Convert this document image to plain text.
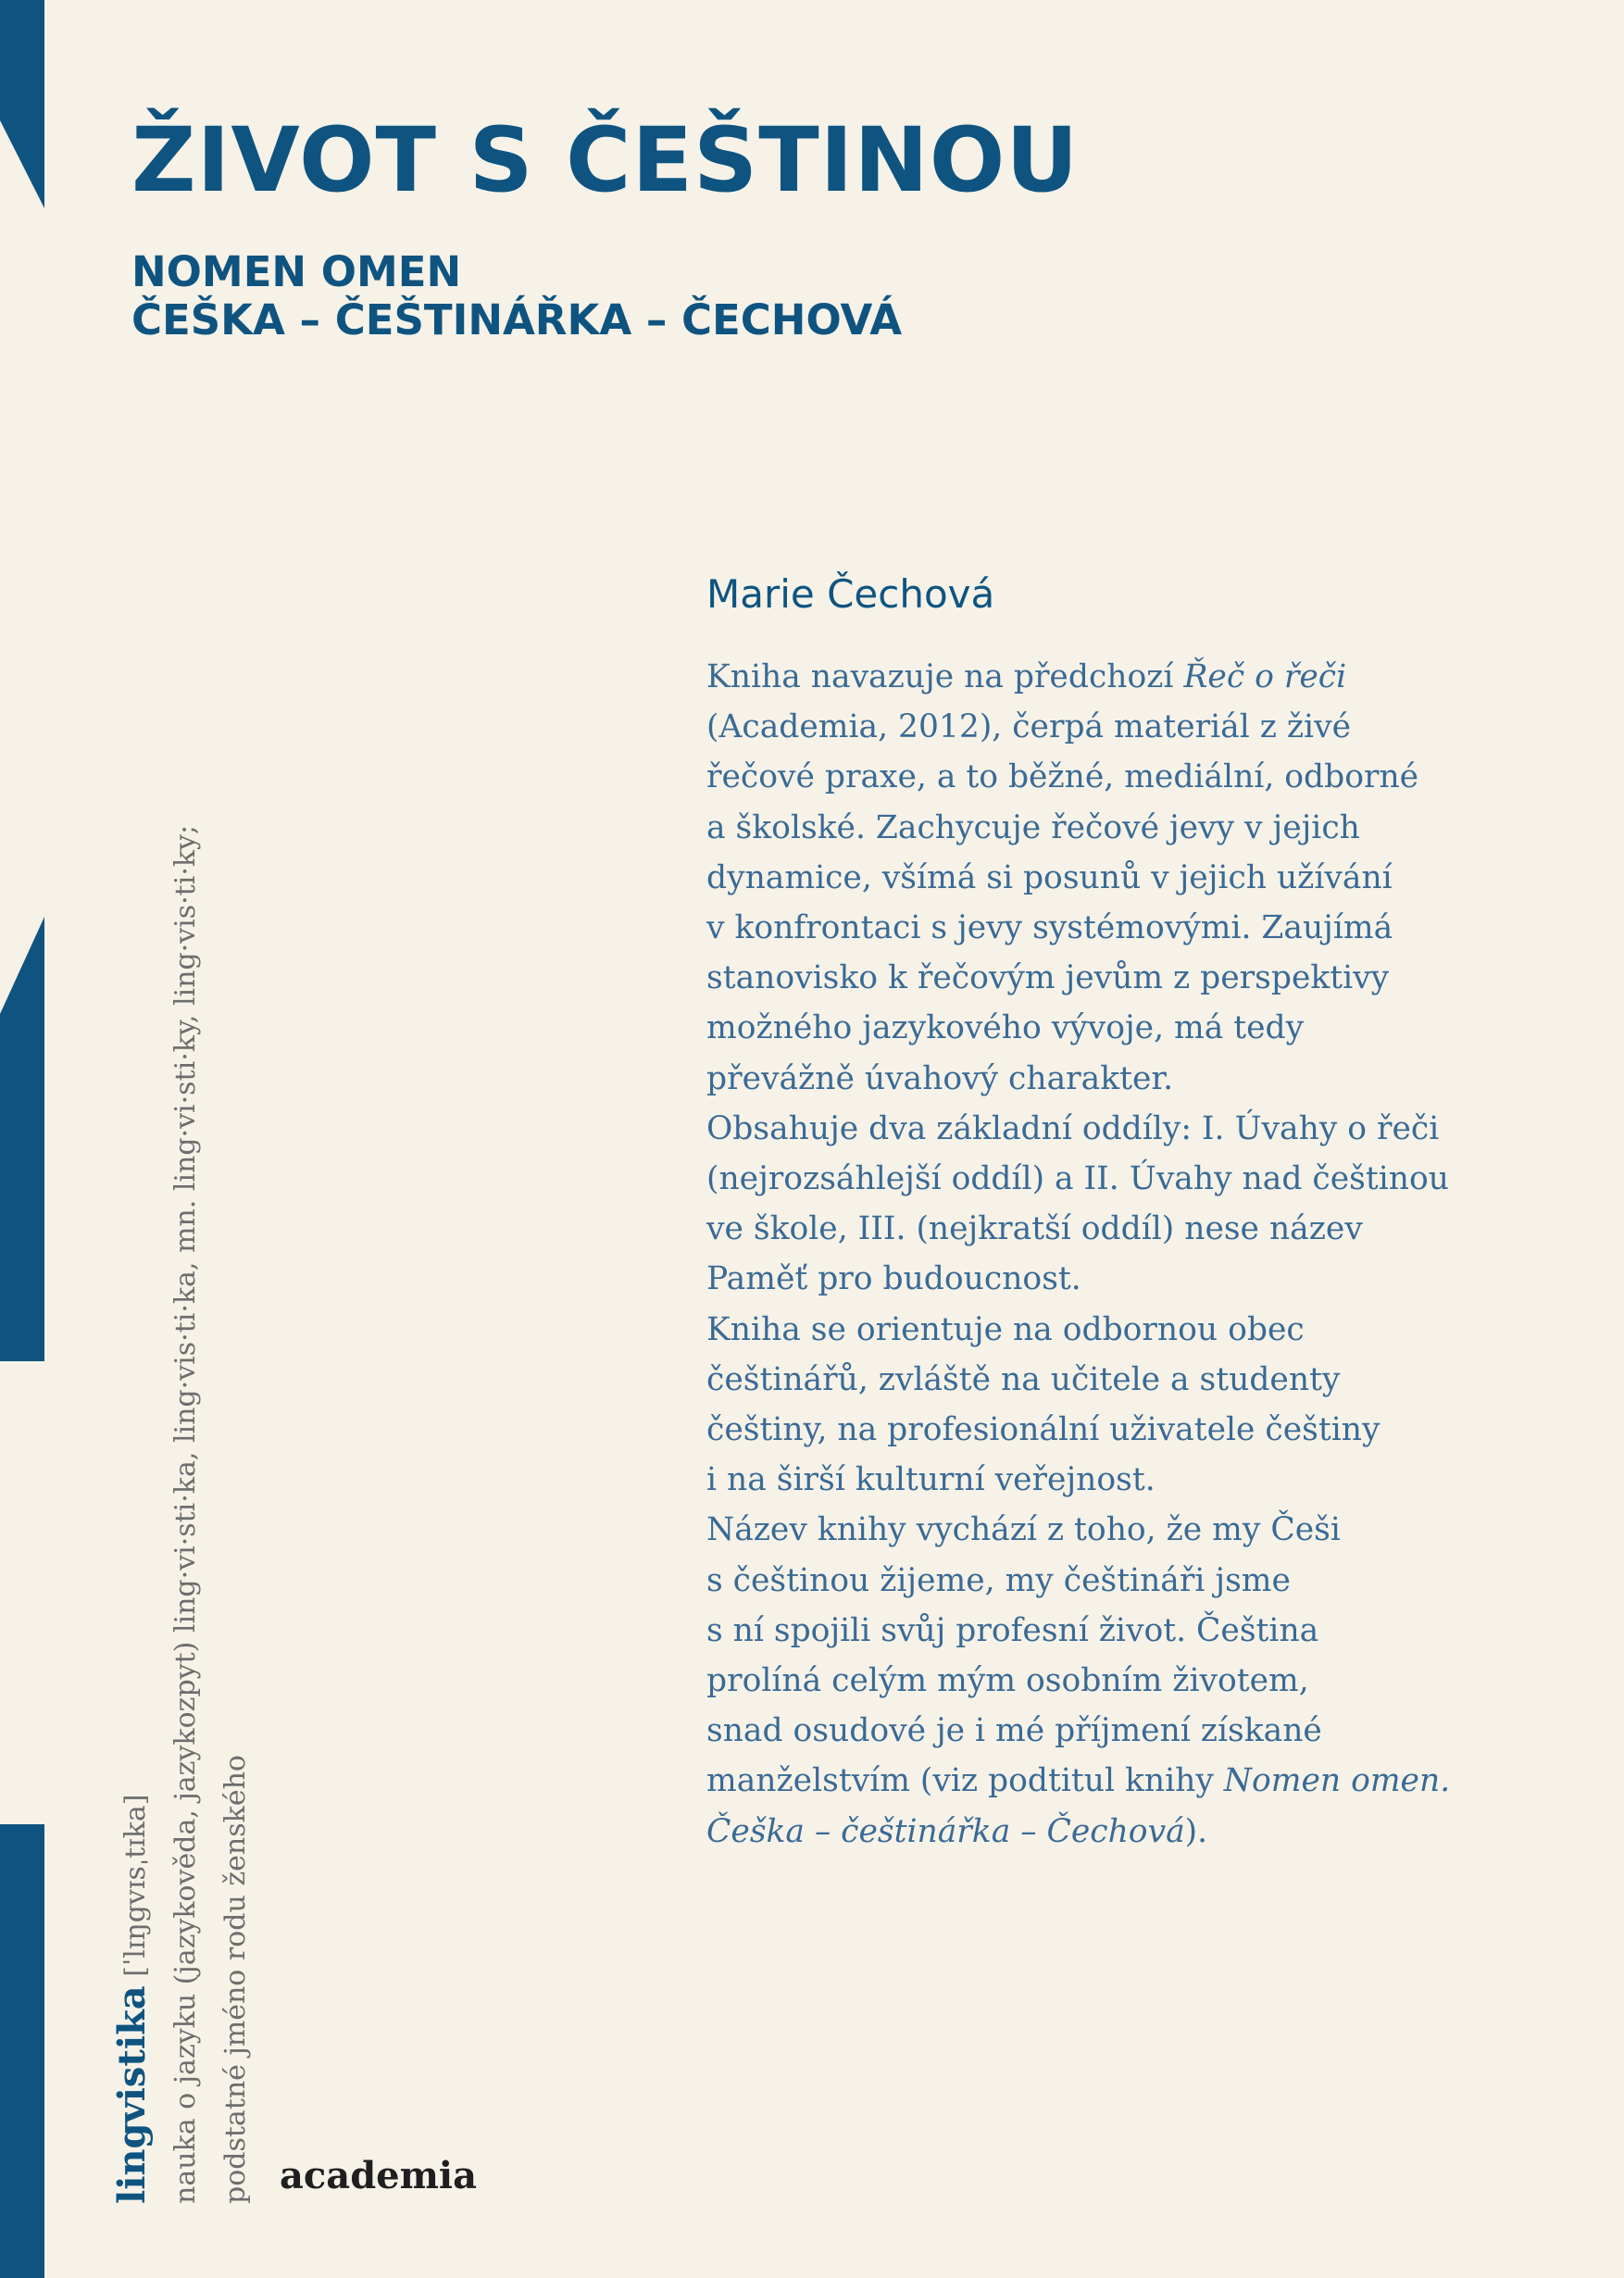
ŽIVOT S ČEŠTINOU
NOMEN OMEN
ČEŠKA – ČEŠTINÁŘKA – ČECHOVÁ
Marie Čechová
Kniha navazuje na předchozí Řeč o řeči
(Academia, 2012), čerpá materiál z živé
řečové praxe, a to běžné, mediální, odborné
a školské. Zachycuje řečové jevy v jejich
dynamice, všímá si posunů v jejich užívání
v konfrontaci s jevy systémovými. Zaujímá
stanovisko k řečovým jevům z perspektivy
možného jazykového vývoje, má tedy
převážně úvahový charakter.
Obsahuje dva základní oddíly: I. Úvahy o řeči
(nejrozsáhlejší oddíl) a II. Úvahy nad češtinou
ve škole, III. (nejkratší oddíl) nese název
Paměť pro budoucnost.
Kniha se orientuje na odbornou obec
češtinářů, zvláště na učitele a studenty
češtiny, na profesionální uživatele češtiny
i na širší kulturní veřejnost.
Název knihy vychází z toho, že my Češi
s češtinou žijeme, my češtináři jsme
s ní spojili svůj profesní život. Čeština
prolíná celým mým osobním životem,
snad osudové je i mé příjmení získané
manželstvím (viz podtitul knihy Nomen omen.
Češka – češtinářka – Čechová).
lingvistika [ˈlɪŋgvɪsˌtɪka] nauka o jazyku (jazykověda, jazykozpyt) ling·vi·sti·ka, ling·vis·ti·ka, mn. ling·vi·sti·ky, ling·vis·ti·ky; podstatné jméno rodu ženského academia
